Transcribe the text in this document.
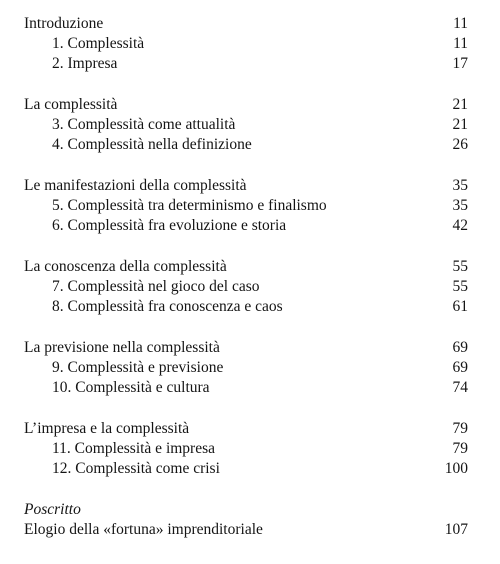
Introduzione	11
1. Complessità	11
2. Impresa	17
La complessità	21
3. Complessità come attualità	21
4. Complessità nella definizione	26
Le manifestazioni della complessità	35
5. Complessità tra determinismo e finalismo	35
6. Complessità fra evoluzione e storia	42
La conoscenza della complessità	55
7. Complessità nel gioco del caso	55
8. Complessità fra conoscenza e caos	61
La previsione nella complessità	69
9. Complessità e previsione	69
10. Complessità e cultura	74
L’impresa e la complessità	79
11. Complessità e impresa	79
12. Complessità come crisi	100
Poscritto
Elogio della «fortuna» imprenditoriale	107
